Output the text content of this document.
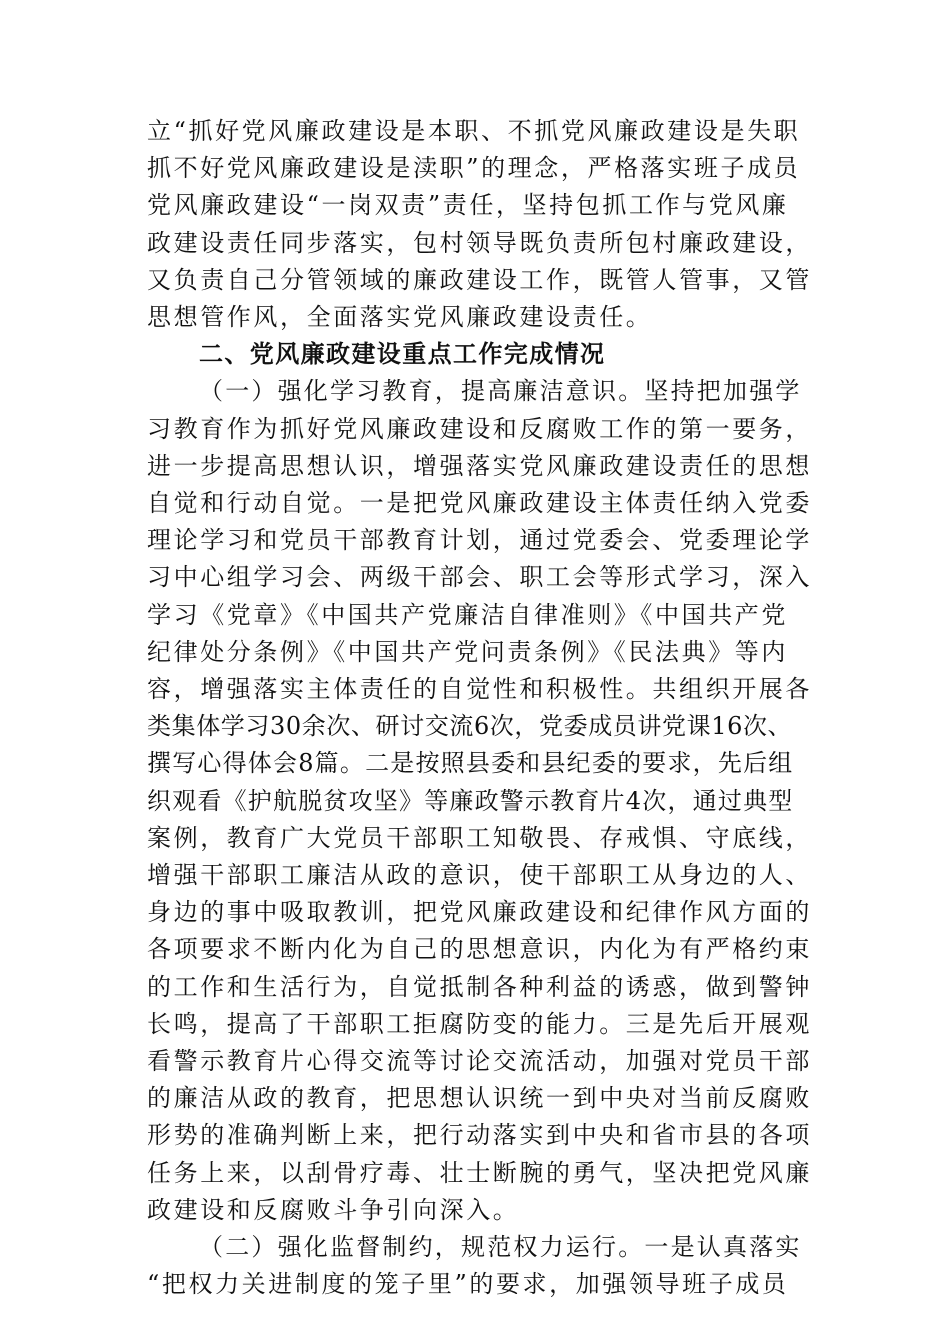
立“抓好党风廉政建设是本职、不抓党风廉政建设是失职
抓不好党风廉政建设是渎职”的理念，严格落实班子成员
党风廉政建设“一岗双责”责任，坚持包抓工作与党风廉
政建设责任同步落实，包村领导既负责所包村廉政建设，
又负责自己分管领域的廉政建设工作，既管人管事，又管
思想管作风，全面落实党风廉政建设责任。
二、党风廉政建设重点工作完成情况
（一）强化学习教育，提高廉洁意识。坚持把加强学
习教育作为抓好党风廉政建设和反腐败工作的第一要务，
进一步提高思想认识，增强落实党风廉政建设责任的思想
自觉和行动自觉。一是把党风廉政建设主体责任纳入党委
理论学习和党员干部教育计划，通过党委会、党委理论学
习中心组学习会、两级干部会、职工会等形式学习，深入
学习《党章》《中国共产党廉洁自律准则》《中国共产党
纪律处分条例》《中国共产党问责条例》《民法典》等内
容，增强落实主体责任的自觉性和积极性。共组织开展各
类集体学习30余次、研讨交流6次，党委成员讲党课16次、
撰写心得体会8篇。二是按照县委和县纪委的要求，先后组
织观看《护航脱贫攻坚》等廉政警示教育片4次，通过典型
案例，教育广大党员干部职工知敬畏、存戒惧、守底线，
增强干部职工廉洁从政的意识，使干部职工从身边的人、
身边的事中吸取教训，把党风廉政建设和纪律作风方面的
各项要求不断内化为自己的思想意识，内化为有严格约束
的工作和生活行为，自觉抵制各种利益的诱惑，做到警钟
长鸣，提高了干部职工拒腐防变的能力。三是先后开展观
看警示教育片心得交流等讨论交流活动，加强对党员干部
的廉洁从政的教育，把思想认识统一到中央对当前反腐败
形势的准确判断上来，把行动落实到中央和省市县的各项
任务上来，以刮骨疗毒、壮士断腕的勇气，坚决把党风廉
政建设和反腐败斗争引向深入。
（二）强化监督制约，规范权力运行。一是认真落实
“把权力关进制度的笼子里”的要求，加强领导班子成员
